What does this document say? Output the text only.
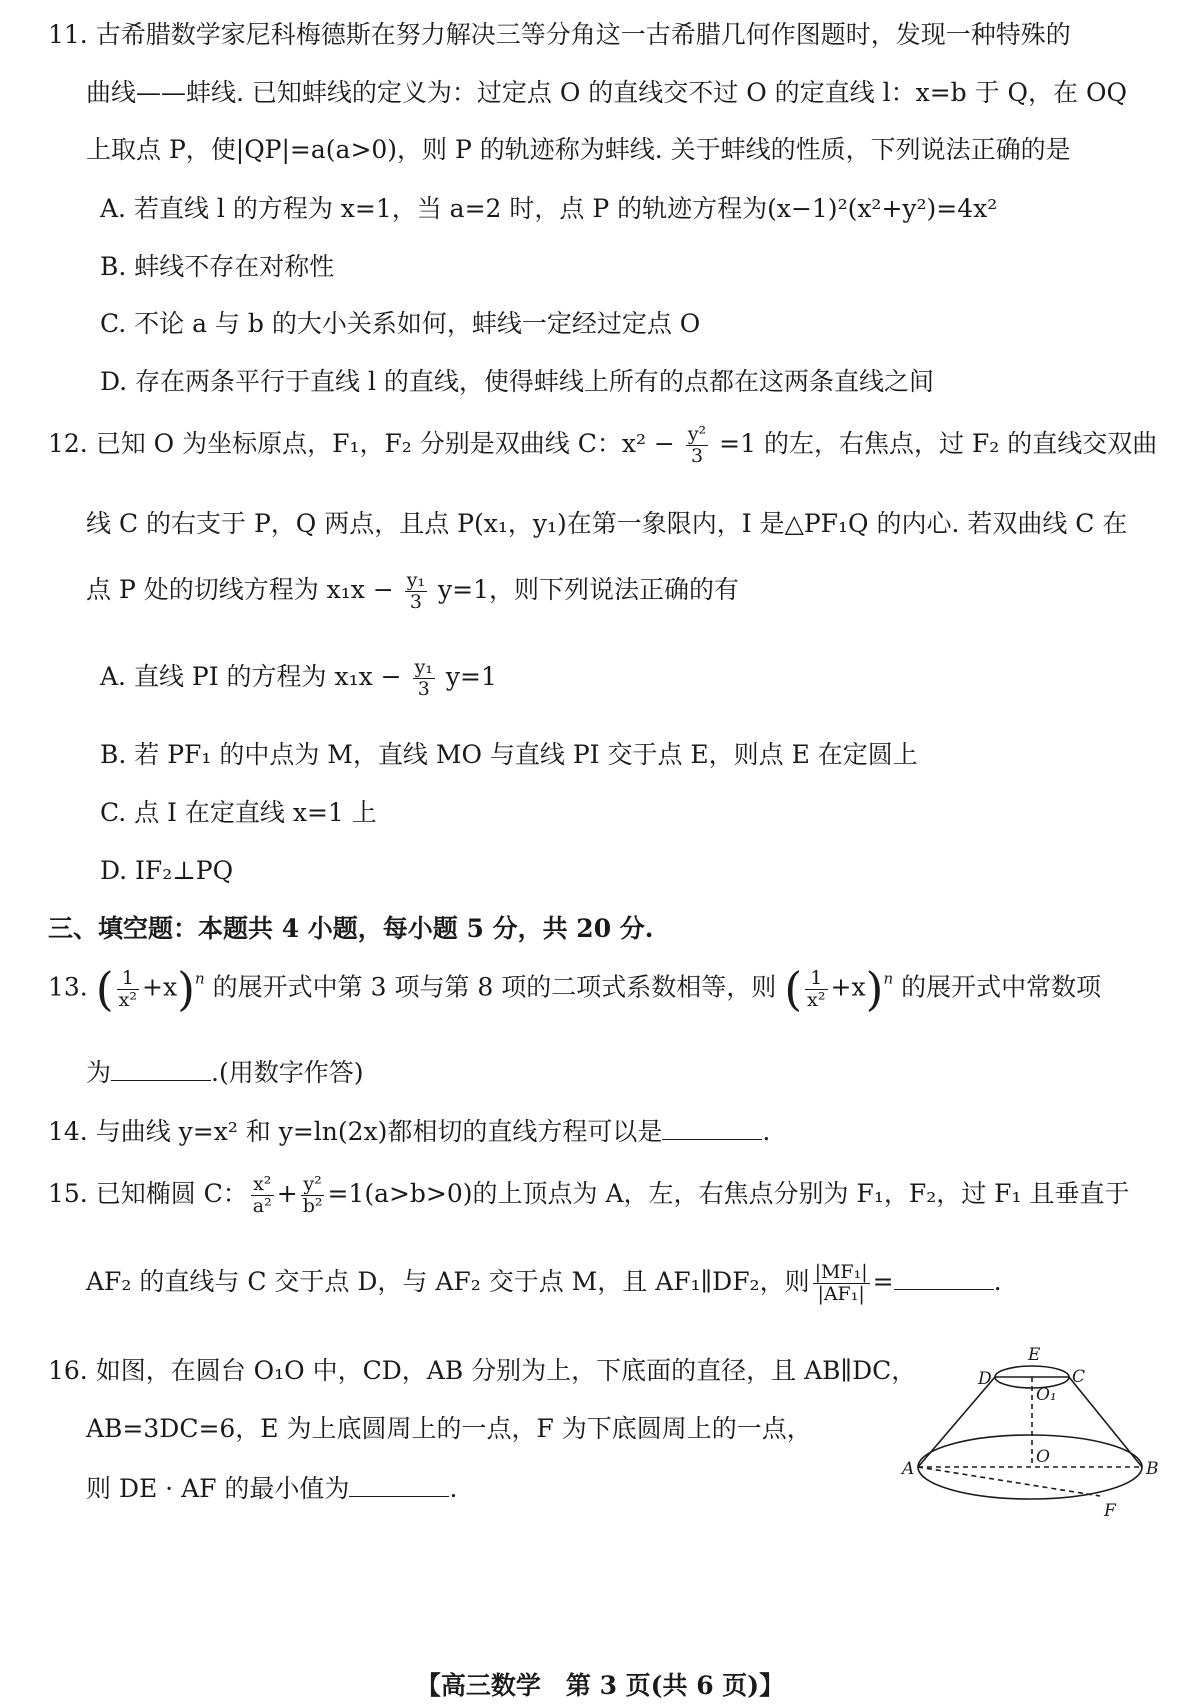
11. 古希腊数学家尼科梅德斯在努力解决三等分角这一古希腊几何作图题时，发现一种特殊的
曲线——蚌线. 已知蚌线的定义为：过定点 O 的直线交不过 O 的定直线 l：x=b 于 Q，在 OQ
上取点 P，使|QP|=a(a>0)，则 P 的轨迹称为蚌线. 关于蚌线的性质，下列说法正确的是
A. 若直线 l 的方程为 x=1，当 a=2 时，点 P 的轨迹方程为(x−1)²(x²+y²)=4x²
B. 蚌线不存在对称性
C. 不论 a 与 b 的大小关系如何，蚌线一定经过定点 O
D. 存在两条平行于直线 l 的直线，使得蚌线上所有的点都在这两条直线之间
12. 已知 O 为坐标原点，F₁，F₂ 分别是双曲线 C：$x^2 - \frac{\text{y²}}{3} =1$ 的左，右焦点，过 F₂ 的直线交双曲
线 C 的右支于 P，Q 两点，且点 P(x₁，y₁)在第一象限内，I 是△PF₁Q 的内心. 若双曲线 C 在
点 P 处的切线方程为 $x_1x - \frac{\text{y₁}}{3} y=1$，则下列说法正确的有
A. 直线 PI 的方程为 $x_1x - \frac{\text{y₁}}{3} y=1$
B. 若 PF₁ 的中点为 M，直线 MO 与直线 PI 交于点 E，则点 E 在定圆上
C. 点 I 在定直线 x=1 上
D. IF₂⊥PQ
三、填空题：本题共 4 小题，每小题 5 分，共 20 分.
13. ( $\frac{1}{\text{x²}} +x)^n$ 的展开式中第 3 项与第 8 项的二项式系数相等，则 ( $\frac{1}{\text{x²}} +x)^n$ 的展开式中常数项
为	.(用数字作答)
14. 与曲线 y=x² 和 y=ln(2x)都相切的直线方程可以是	.
15. 已知椭圆 C： $\frac{\text{x²}}{\text{a²}} + \frac{\text{y²}}{\text{b²}} =1(a>b>0)$的上顶点为 A，左，右焦点分别为 F₁，F₂，过 F₁ 且垂直于
AF₂ 的直线与 C 交于点 D，与 AF₂ 交于点 M，且 AF₁∥DF₂，则 $\frac{\text{|MF₁|}}{\text{|AF₁|}}$ =	.
16. 如图，在圆台 O₁O 中，CD，AB 分别为上，下底面的直径，且 AB∥DC，
AB=3DC=6，E 为上底圆周上的一点，F 为下底圆周上的一点，
则 DE · AF 的最小值为	.
E
D	C
O₁
O
A	B
F
【高三数学　第 3 页(共 6 页)】
